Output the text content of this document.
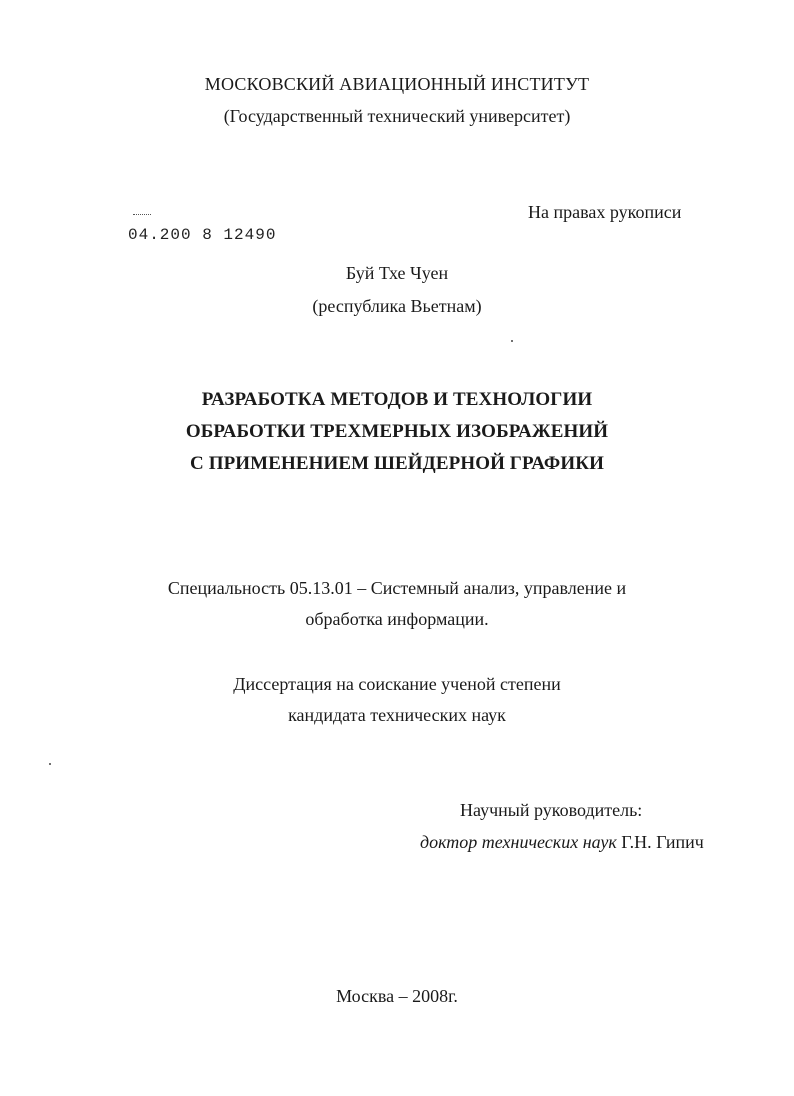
МОСКОВСКИЙ АВИАЦИОННЫЙ ИНСТИТУТ
(Государственный технический университет)
На правах рукописи
04.200 8 12490
Буй Тхе Чуен
(республика Вьетнам)
РАЗРАБОТКА МЕТОДОВ И ТЕХНОЛОГИИ
ОБРАБОТКИ ТРЕХМЕРНЫХ ИЗОБРАЖЕНИЙ
С ПРИМЕНЕНИЕМ ШЕЙДЕРНОЙ ГРАФИКИ
Специальность 05.13.01 – Системный анализ, управление и
обработка информации.
Диссертация на соискание ученой степени
кандидата технических наук
Научный руководитель:
доктор технических наук Г.Н. Гипич
Москва – 2008г.
